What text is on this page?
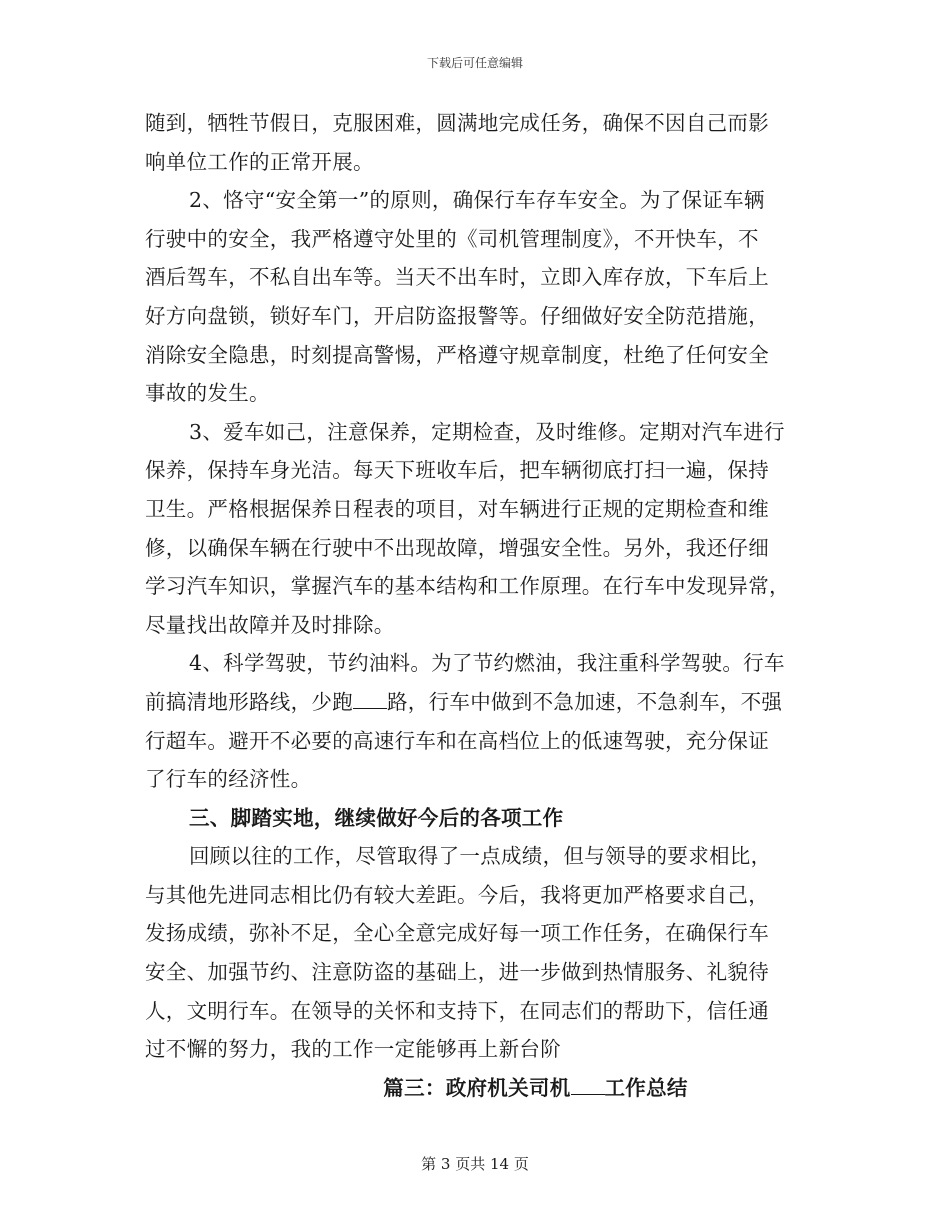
下载后可任意编辑
随到，牺牲节假日，克服困难，圆满地完成任务，确保不因自己而影
响单位工作的正常开展。
2、恪守“安全第一”的原则，确保行车存车安全。为了保证车辆
行驶中的安全，我严格遵守处里的《司机管理制度》，不开快车，不
酒后驾车，不私自出车等。当天不出车时，立即入库存放，下车后上
好方向盘锁，锁好车门，开启防盗报警等。仔细做好安全防范措施，
消除安全隐患，时刻提高警惕，严格遵守规章制度，杜绝了任何安全
事故的发生。
3、爱车如己，注意保养，定期检查，及时维修。定期对汽车进行
保养，保持车身光洁。每天下班收车后，把车辆彻底打扫一遍，保持
卫生。严格根据保养日程表的项目，对车辆进行正规的定期检查和维
修，以确保车辆在行驶中不出现故障，增强安全性。另外，我还仔细
学习汽车知识，掌握汽车的基本结构和工作原理。在行车中发现异常，
尽量找出故障并及时排除。
4、科学驾驶，节约油料。为了节约燃油，我注重科学驾驶。行车
前搞清地形路线，少跑 路，行车中做到不急加速，不急刹车，不强
行超车。避开不必要的高速行车和在高档位上的低速驾驶，充分保证
了行车的经济性。
三、脚踏实地，继续做好今后的各项工作
回顾以往的工作，尽管取得了一点成绩，但与领导的要求相比，
与其他先进同志相比仍有较大差距。今后，我将更加严格要求自己，
发扬成绩，弥补不足，全心全意完成好每一项工作任务，在确保行车
安全、加强节约、注意防盗的基础上，进一步做到热情服务、礼貌待
人，文明行车。在领导的关怀和支持下，在同志们的帮助下，信任通
过不懈的努力，我的工作一定能够再上新台阶
篇三：政府机关司机 工作总结
第 3 页共 14 页
